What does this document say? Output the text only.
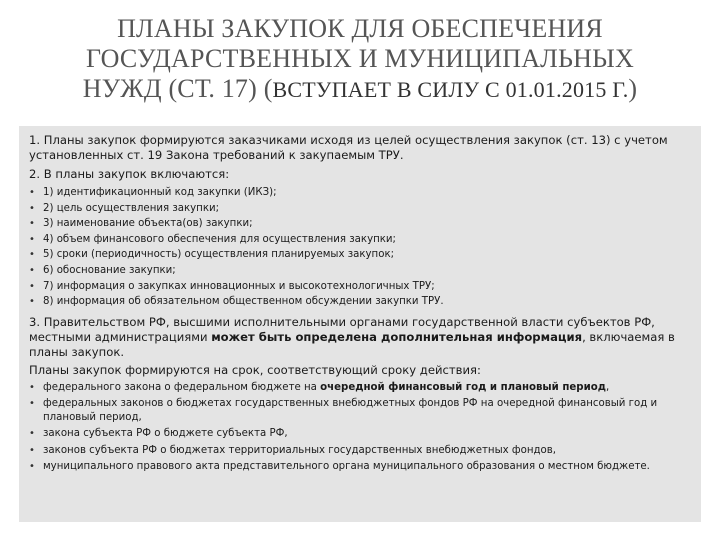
ПЛАНЫ ЗАКУПОК ДЛЯ ОБЕСПЕЧЕНИЯ
ГОСУДАРСТВЕННЫХ И МУНИЦИПАЛЬНЫХ
НУЖД (СТ. 17) (ВСТУПАЕТ В СИЛУ С 01.01.2015 Г.)

1. Планы закупок формируются заказчиками исходя из целей осуществления закупок (ст. 13) с учетом установленных ст. 19 Закона требований к закупаемым ТРУ.

2. В планы закупок включаются:

• 1) идентификационный код закупки (ИКЗ);
• 2) цель осуществления закупки;
• 3) наименование объекта(ов) закупки;
• 4) объем финансового обеспечения для осуществления закупки;
• 5) сроки (периодичность) осуществления планируемых закупок;
• 6) обоснование закупки;
• 7) информация о закупках инновационных и высокотехнологичных ТРУ;
• 8) информация об обязательном общественном обсуждении закупки ТРУ.

3. Правительством РФ, высшими исполнительными органами государственной власти субъектов РФ, местными администрациями может быть определена дополнительная информация, включаемая в планы закупок.

Планы закупок формируются на срок, соответствующий сроку действия:

• федерального закона о федеральном бюджете на очередной финансовый год и плановый период,
• федеральных законов о бюджетах государственных внебюджетных фондов РФ на очередной финансовый год и плановый период,
• закона субъекта РФ о бюджете субъекта РФ,
• законов субъекта РФ о бюджетах территориальных государственных внебюджетных фондов,
• муниципального правового акта представительного органа муниципального образования о местном бюджете.
